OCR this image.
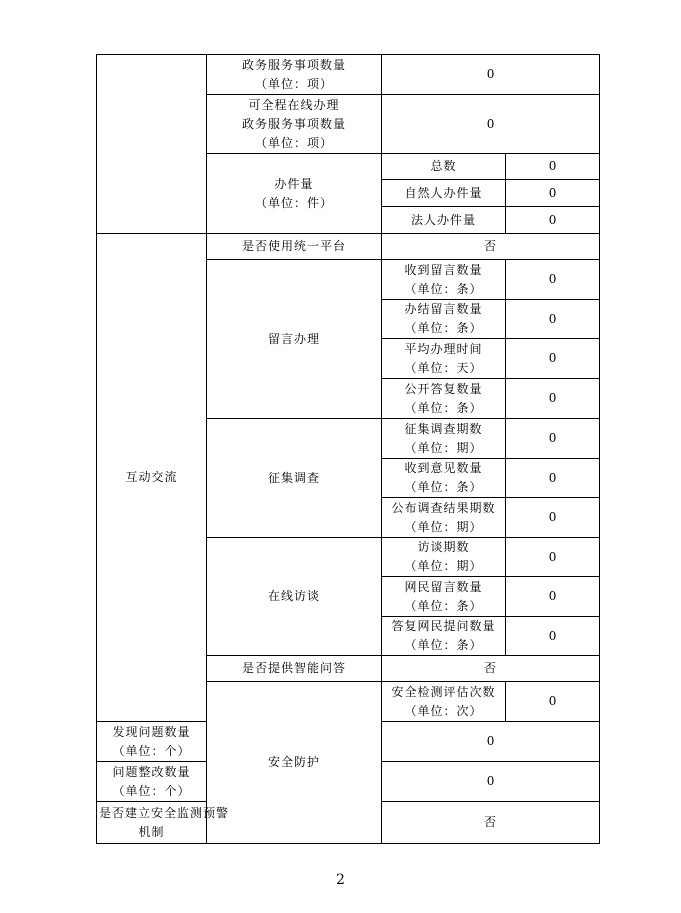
	政务服务事项数量
（单位：项）	0	

	可全程在线办理
政务服务事项数量
（单位：项）	0	

	办件量
（单位：件）	总数	0
		自然人办件量	0
		法人办件量	0
互动交流	是否使用统一平台	否	
	留言办理	收到留言数量
（单位：条）	0

		办结留言数量
（单位：条）	0

		平均办理时间
（单位：天）	0

		公开答复数量
（单位：条）	0
	征集调查	征集调查期数
（单位：期）	0

		收到意见数量
（单位：条）	0

		公布调查结果期数
（单位：期）	0
	在线访谈	访谈期数
（单位：期）	0

		网民留言数量
（单位：条）	0

		答复网民提问数量
（单位：条）	0
	是否提供智能问答	否	
	安全防护	安全检测评估次数
（单位：次）	0

发现问题数量
（单位：个）		0	

问题整改数量
（单位：个）		0	

是否建立安全监测预警
机制		否	
2
